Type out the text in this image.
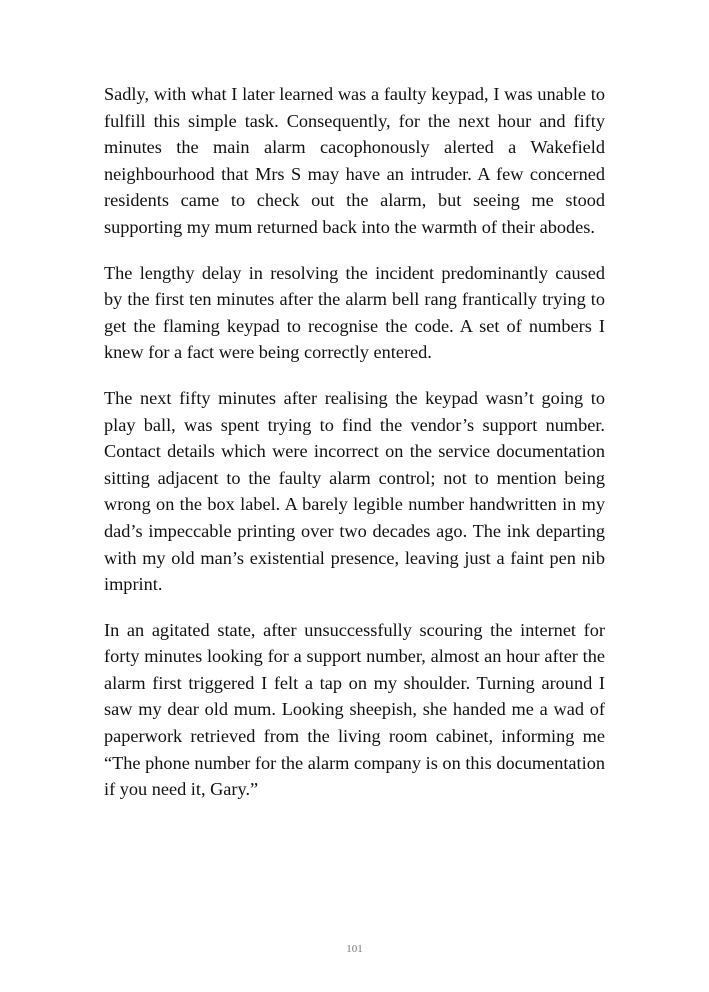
Sadly, with what I later learned was a faulty keypad, I was unable to fulfill this simple task. Consequently, for the next hour and fifty minutes the main alarm cacophonously alerted a Wakefield neighbourhood that Mrs S may have an intruder. A few concerned residents came to check out the alarm, but seeing me stood supporting my mum returned back into the warmth of their abodes.

The lengthy delay in resolving the incident predominantly caused by the first ten minutes after the alarm bell rang frantically trying to get the flaming keypad to recognise the code. A set of numbers I knew for a fact were being correctly entered.

The next fifty minutes after realising the keypad wasn’t going to play ball, was spent trying to find the vendor’s support number. Contact details which were incorrect on the service documentation sitting adjacent to the faulty alarm control; not to mention being wrong on the box label. A barely legible number handwritten in my dad’s impeccable printing over two decades ago. The ink departing with my old man’s existential presence, leaving just a faint pen nib imprint.

In an agitated state, after unsuccessfully scouring the internet for forty minutes looking for a support number, almost an hour after the alarm first triggered I felt a tap on my shoulder. Turning around I saw my dear old mum. Looking sheepish, she handed me a wad of paperwork retrieved from the living room cabinet, informing me “The phone number for the alarm company is on this documentation if you need it, Gary.”

101
